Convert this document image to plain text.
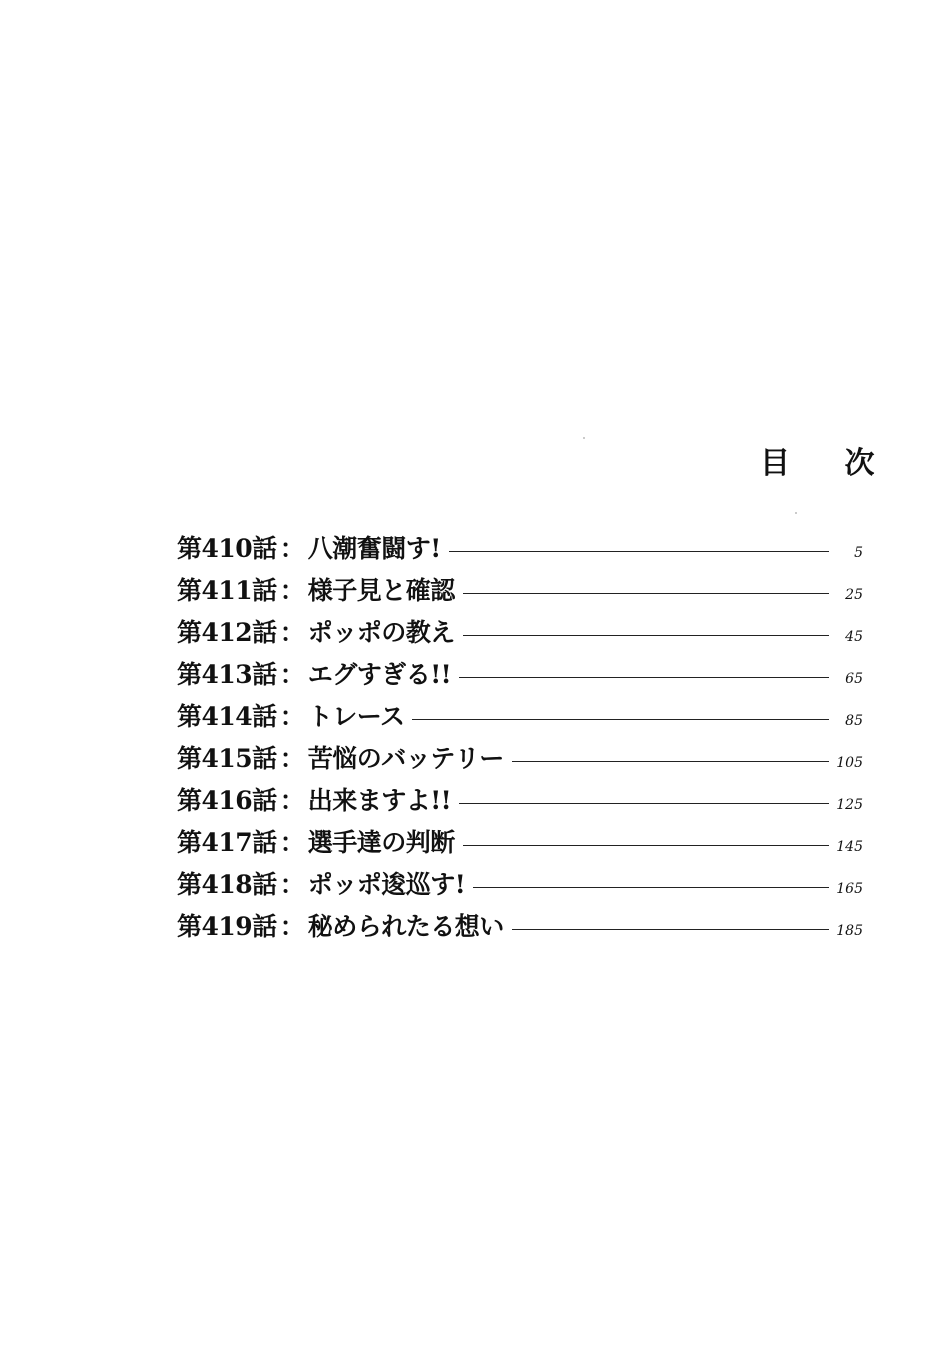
目 次
第410話 ： 八潮奮闘す!	5
第411話 ： 様子見と確認	25
第412話 ： ポッポの教え	45
第413話 ： エグすぎる!!	65
第414話 ： トレース	85
第415話 ： 苦悩のバッテリー	105
第416話 ： 出来ますよ!!	125
第417話 ： 選手達の判断	145
第418話 ： ポッポ逡巡す!	165
第419話 ： 秘められたる想い	185
